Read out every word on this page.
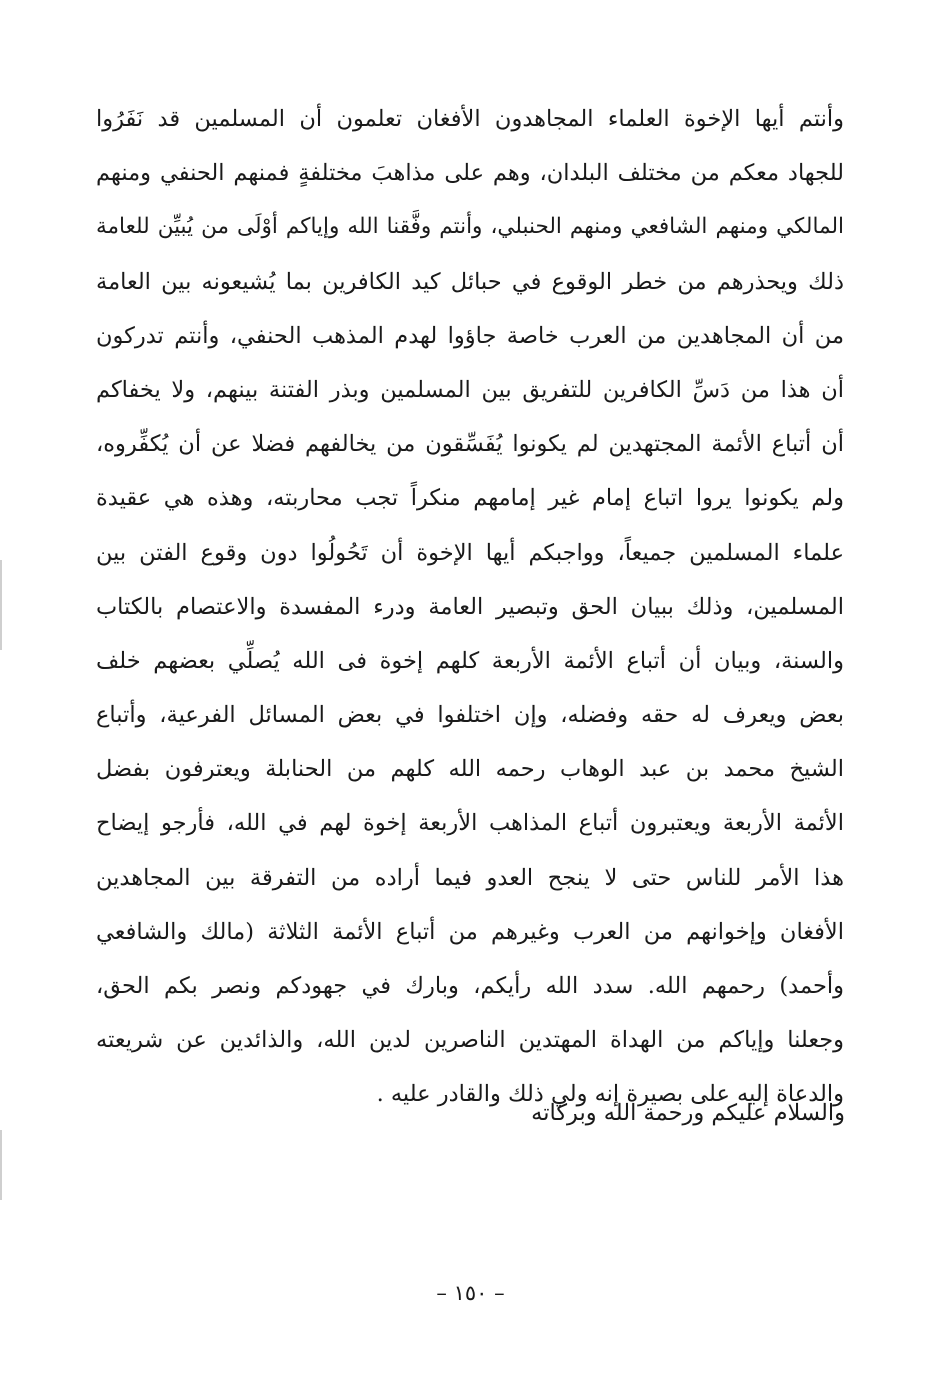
وأنتم أيها الإخوة العلماء المجاهدون الأفغان تعلمون أن المسلمين قد نَفَرُوا
للجهاد معكم من مختلف البلدان، وهم على مذاهبَ مختلفةٍ فمنهم الحنفي ومنهم
المالكي ومنهم الشافعي ومنهم الحنبلي، وأنتم وفَّقنا الله وإياكم أوْلَى من يُبيِّن للعامة
ذلك ويحذرهم من خطر الوقوع في حبائل كيد الكافرين بما يُشيعونه بين العامة
من أن المجاهدين من العرب خاصة جاؤوا لهدم المذهب الحنفي، وأنتم تدركون
أن هذا من دَسِّ الكافرين للتفريق بين المسلمين وبذر الفتنة بينهم، ولا يخفاكم
أن أتباع الأئمة المجتهدين لم يكونوا يُفَسِّقون من يخالفهم فضلا عن أن يُكفِّروه،
ولم يكونوا يروا اتباع إمام غير إمامهم منكراً تجب محاربته، وهذه هي عقيدة
علماء المسلمين جميعاً، وواجبكم أيها الإخوة أن تَحُولُوا دون وقوع الفتن بين
المسلمين، وذلك ببيان الحق وتبصير العامة ودرء المفسدة والاعتصام بالكتاب
والسنة، وبيان أن أتباع الأئمة الأربعة كلهم إخوة فى الله يُصلِّي بعضهم خلف
بعض ويعرف له حقه وفضله، وإن اختلفوا في بعض المسائل الفرعية، وأتباع
الشيخ محمد بن عبد الوهاب رحمه الله كلهم من الحنابلة ويعترفون بفضل
الأئمة الأربعة ويعتبرون أتباع المذاهب الأربعة إخوة لهم في الله، فأرجو إيضاح
هذا الأمر للناس حتى لا ينجح العدو فيما أراده من التفرقة بين المجاهدين
الأفغان وإخوانهم من العرب وغيرهم من أتباع الأئمة الثلاثة (مالك والشافعي
وأحمد) رحمهم الله. سدد الله رأيكم، وبارك في جهودكم ونصر بكم الحق،
وجعلنا وإياكم من الهداة المهتدين الناصرين لدين الله، والذائدين عن شريعته
والدعاة إليه على بصيرة إنه ولي ذلك والقادر عليه .
والسلام عليكم ورحمة الله وبركاته
– ١٥٠ –
